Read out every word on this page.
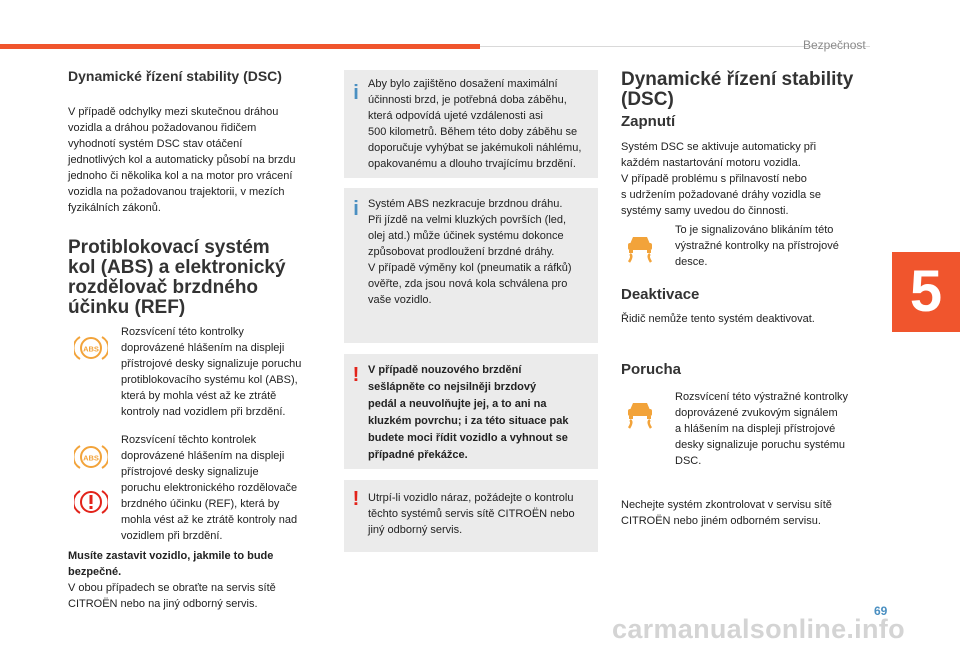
Bezpečnost
5
Dynamické řízení stability (DSC)

V případě odchylky mezi skutečnou dráhou
vozidla a dráhou požadovanou řidičem
vyhodnotí systém DSC stav otáčení
jednotlivých kol a automaticky působí na brzdu
jednoho či několika kol a na motor pro vrácení
vozidla na požadovanou trajektorii, v mezích
fyzikálních zákonů.

Protiblokovací systém
kol (ABS) a elektronický
rozdělovač brzdného
účinku (REF)
ABS

Rozsvícení této kontrolky
doprovázené hlášením na displeji
přístrojové desky signalizuje poruchu
protiblokovacího systému kol (ABS),
která by mohla vést až ke ztrátě
kontroly nad vozidlem při brzdění.

ABS

Rozsvícení těchto kontrolek
doprovázené hlášením na displeji
přístrojové desky signalizuje
poruchu elektronického rozdělovače
brzdného účinku (REF), která by
mohla vést až ke ztrátě kontroly nad
vozidlem při brzdění.

Musíte zastavit vozidlo, jakmile to bude
bezpečné.

V obou případech se obraťte na servis sítě
CITROËN nebo na jiný odborný servis.

i Aby bylo zajištěno dosažení maximální
účinnosti brzd, je potřebná doba záběhu,
která odpovídá ujeté vzdálenosti asi
500 kilometrů. Během této doby záběhu se
doporučuje vyhýbat se jakémukoli náhlému,
opakovanému a dlouho trvajícímu brzdění.
i Systém ABS nezkracuje brzdnou dráhu.
Při jízdě na velmi kluzkých površích (led,
olej atd.) může účinek systému dokonce
způsobovat prodloužení brzdné dráhy.
V případě výměny kol (pneumatik a ráfků)
ověřte, zda jsou nová kola schválena pro
vaše vozidlo.
! V případě nouzového brzdění
sešlápněte co nejsilněji brzdový
pedál a neuvolňujte jej, a to ani na
kluzkém povrchu; i za této situace pak
budete moci řídit vozidlo a vyhnout se
případné překážce.
! Utrpí-li vozidlo náraz, požádejte o kontrolu
těchto systémů servis sítě CITROËN nebo
jiný odborný servis.
Dynamické řízení stability
(DSC)
Zapnutí

Systém DSC se aktivuje automaticky při
každém nastartování motoru vozidla.
V případě problému s přilnavostí nebo
s udržením požadované dráhy vozidla se
systémy samy uvedou do činnosti.

To je signalizováno blikáním této
výstražné kontrolky na přístrojové
desce.

Deaktivace

Řidič nemůže tento systém deaktivovat.

Porucha

Rozsvícení této výstražné kontrolky
doprovázené zvukovým signálem
a hlášením na displeji přístrojové
desky signalizuje poruchu systému
DSC.

Nechejte systém zkontrolovat v servisu sítě
CITROËN nebo jiném odborném servisu.

69
carmanualsonline.info
